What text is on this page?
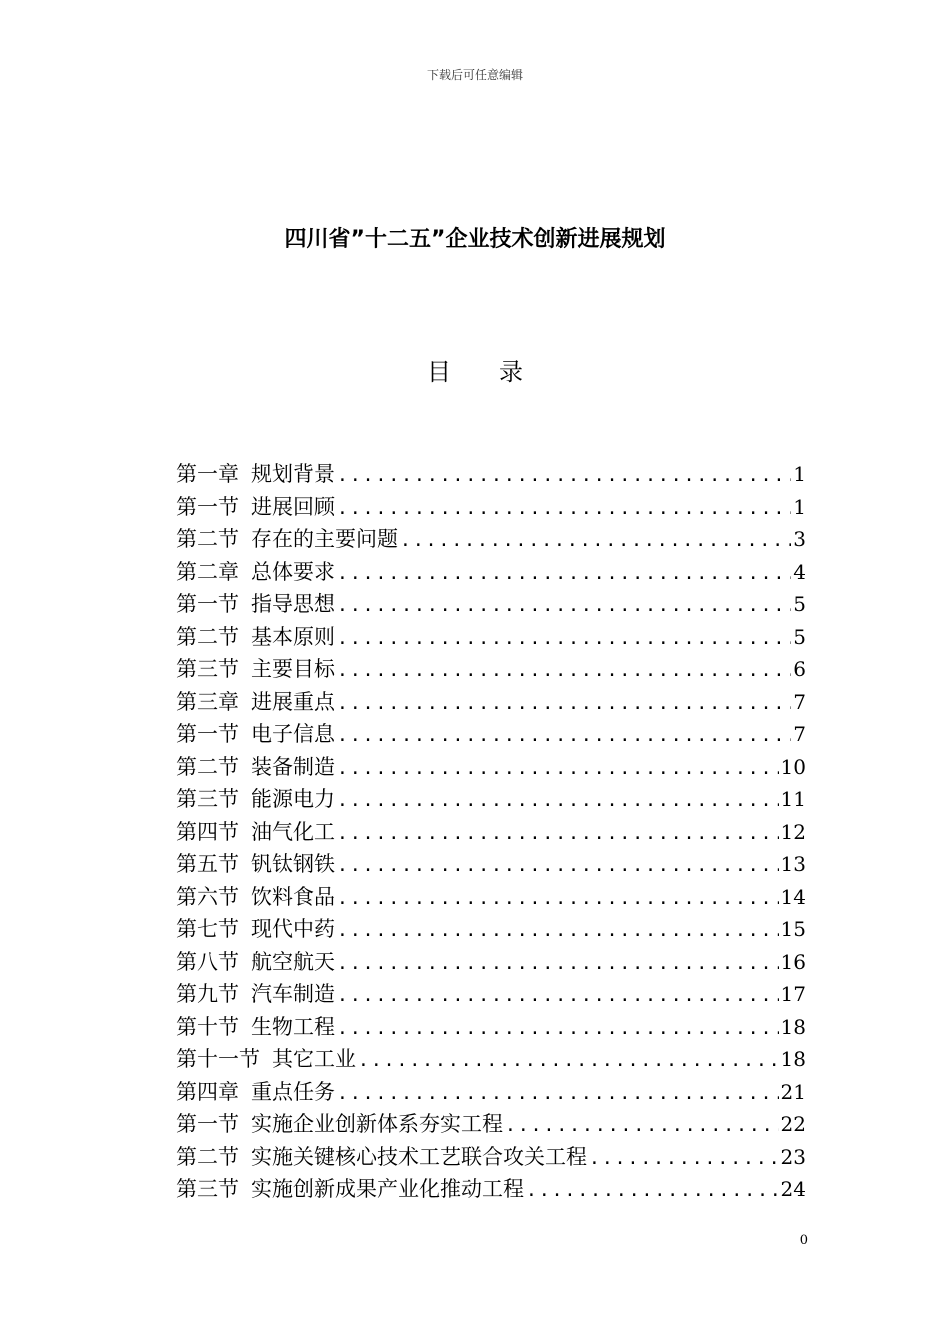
下载后可任意编辑
四川省”十二五”企业技术创新进展规划
目 录
第一章 规划背景 .....	1
第一节 进展回顾 .....	1
第二节 存在的主要问题 .....	3
第二章 总体要求 .....	4
第一节 指导思想 .....	5
第二节 基本原则 .....	5
第三节 主要目标 .....	6
第三章 进展重点 .....	7
第一节 电子信息 .....	7
第二节 装备制造 .....	10
第三节 能源电力 .....	11
第四节 油气化工 .....	12
第五节 钒钛钢铁 .....	13
第六节 饮料食品 .....	14
第七节 现代中药 .....	15
第八节 航空航天 .....	16
第九节 汽车制造 .....	17
第十节 生物工程 .....	18
第十一节 其它工业 .....	18
第四章 重点任务 .....	21
第一节 实施企业创新体系夯实工程 .....	22
第二节 实施关键核心技术工艺联合攻关工程 .....	23
第三节 实施创新成果产业化推动工程 .....	24
0
